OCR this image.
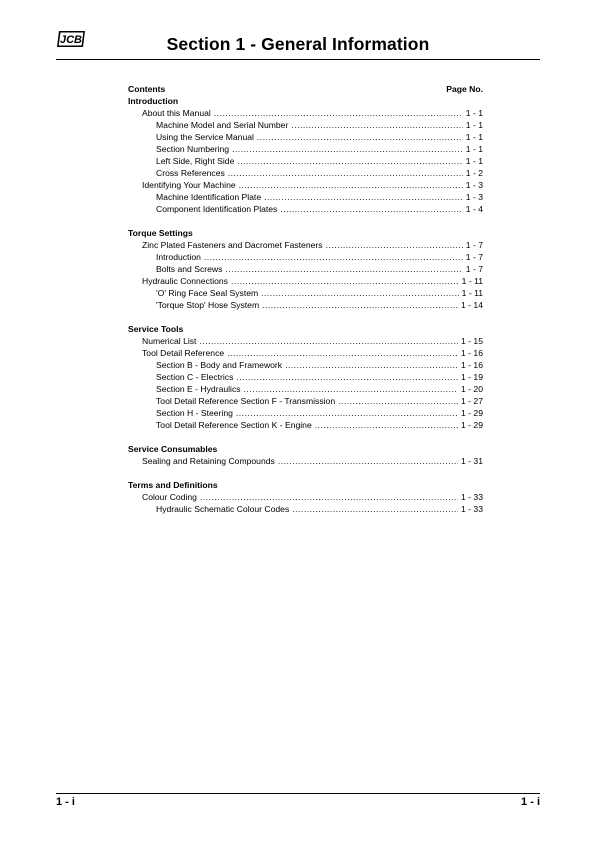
JCB	Section 1 - General Information
Contents	Page No.
Introduction
About this Manual .....	1 - 1
Machine Model and Serial Number .....	1 - 1
Using the Service Manual .....	1 - 1
Section Numbering .....	1 - 1
Left Side, Right Side .....	1 - 1
Cross References .....	1 - 2
Identifying Your Machine .....	1 - 3
Machine Identification Plate .....	1 - 3
Component Identification Plates .....	1 - 4
Torque Settings
Zinc Plated Fasteners and Dacromet Fasteners .....	1 - 7
Introduction .....	1 - 7
Bolts and Screws .....	1 - 7
Hydraulic Connections .....	1 - 11
'O' Ring Face Seal System .....	1 - 11
'Torque Stop' Hose System .....	1 - 14
Service Tools
Numerical List .....	1 - 15
Tool Detail Reference .....	1 - 16
Section B - Body and Framework .....	1 - 16
Section C - Electrics .....	1 - 19
Section E - Hydraulics .....	1 - 20
Tool Detail Reference Section F - Transmission .....	1 - 27
Section H - Steering .....	1 - 29
Tool Detail Reference Section K - Engine .....	1 - 29
Service Consumables
Sealing and Retaining Compounds .....	1 - 31
Terms and Definitions
Colour Coding .....	1 - 33
Hydraulic Schematic Colour Codes .....	1 - 33
1 - i	1 - i
